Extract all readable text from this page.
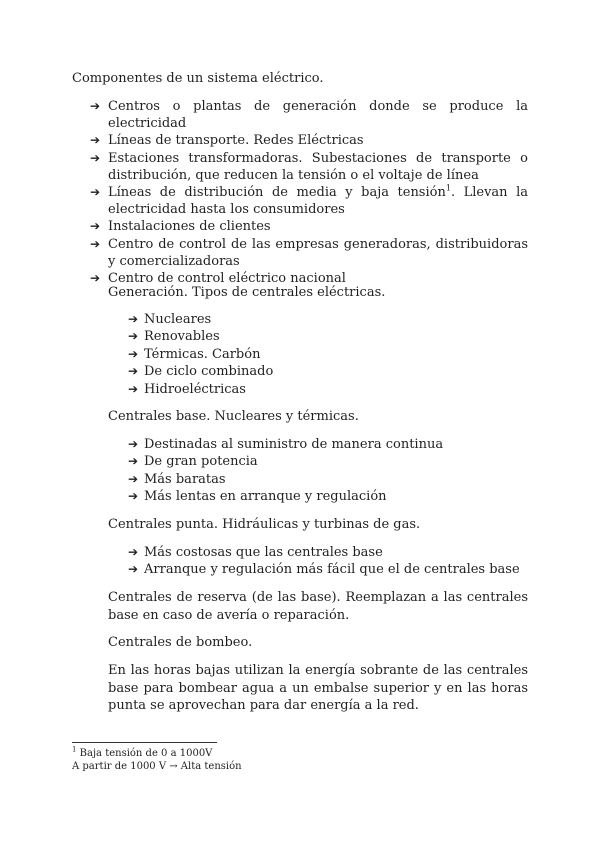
Componentes de un sistema eléctrico.
➔ Centros o plantas de generación donde se produce la electricidad
➔ Líneas de transporte. Redes Eléctricas
➔ Estaciones transformadoras. Subestaciones de transporte o distribución, que reducen la tensión o el voltaje de línea
➔ Líneas de distribución de media y baja tensión$^1$. Llevan la electricidad hasta los consumidores
➔ Instalaciones de clientes
➔ Centro de control de las empresas generadoras, distribuidoras y comercializadoras
➔ Centro de control eléctrico nacional
Generación. Tipos de centrales eléctricas.
➔ Nucleares
➔ Renovables
➔ Térmicas. Carbón
➔ De ciclo combinado
➔ Hidroeléctricas
Centrales base. Nucleares y térmicas.
➔ Destinadas al suministro de manera continua
➔ De gran potencia
➔ Más baratas
➔ Más lentas en arranque y regulación
Centrales punta. Hidráulicas y turbinas de gas.
➔ Más costosas que las centrales base
➔ Arranque y regulación más fácil que el de centrales base
Centrales de reserva (de las base). Reemplazan a las centrales base en caso de avería o reparación.
Centrales de bombeo.
En las horas bajas utilizan la energía sobrante de las centrales base para bombear agua a un embalse superior y en las horas punta se aprovechan para dar energía a la red.
$^1$ Baja tensión de 0 a 1000V
A partir de 1000 V → Alta tensión
